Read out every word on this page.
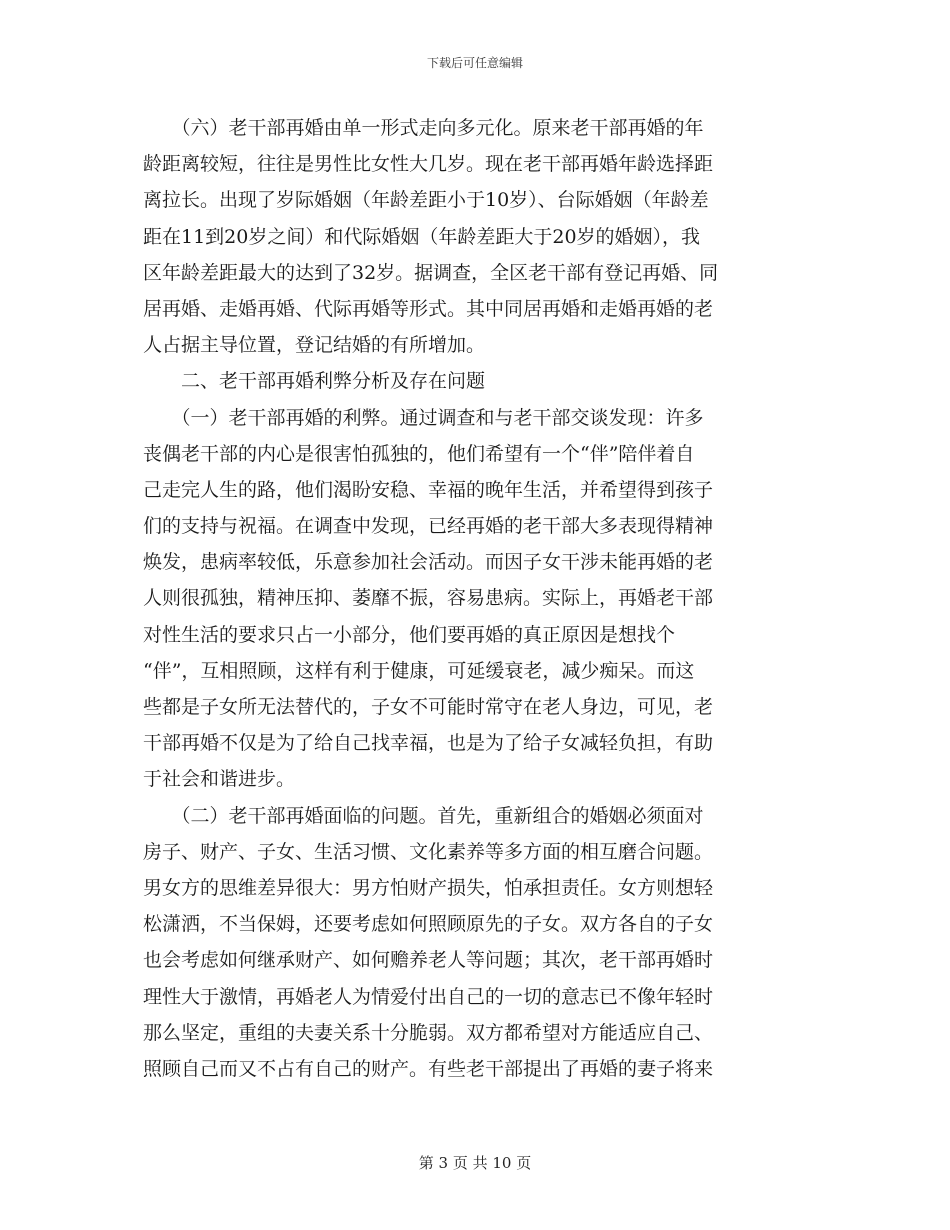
下载后可任意编辑
　　（六）老干部再婚由单一形式走向多元化。原来老干部再婚的年
龄距离较短，往往是男性比女性大几岁。现在老干部再婚年龄选择距
离拉长。出现了岁际婚姻（年龄差距小于10岁）、台际婚姻（年龄差
距在11到20岁之间）和代际婚姻（年龄差距大于20岁的婚姻），我
区年龄差距最大的达到了32岁。据调查，全区老干部有登记再婚、同
居再婚、走婚再婚、代际再婚等形式。其中同居再婚和走婚再婚的老
人占据主导位置，登记结婚的有所增加。
　　二、老干部再婚利弊分析及存在问题
　　（一）老干部再婚的利弊。通过调查和与老干部交谈发现：许多
丧偶老干部的内心是很害怕孤独的，他们希望有一个“伴”陪伴着自
己走完人生的路，他们渴盼安稳、幸福的晚年生活，并希望得到孩子
们的支持与祝福。在调查中发现，已经再婚的老干部大多表现得精神
焕发，患病率较低，乐意参加社会活动。而因子女干涉未能再婚的老
人则很孤独，精神压抑、萎靡不振，容易患病。实际上，再婚老干部
对性生活的要求只占一小部分，他们要再婚的真正原因是想找个
“伴”，互相照顾，这样有利于健康，可延缓衰老，减少痴呆。而这
些都是子女所无法替代的，子女不可能时常守在老人身边，可见，老
干部再婚不仅是为了给自己找幸福，也是为了给子女减轻负担，有助
于社会和谐进步。
　　（二）老干部再婚面临的问题。首先，重新组合的婚姻必须面对
房子、财产、子女、生活习惯、文化素养等多方面的相互磨合问题。
男女方的思维差异很大：男方怕财产损失，怕承担责任。女方则想轻
松潇洒，不当保姆，还要考虑如何照顾原先的子女。双方各自的子女
也会考虑如何继承财产、如何赡养老人等问题；其次，老干部再婚时
理性大于激情，再婚老人为情爱付出自己的一切的意志已不像年轻时
那么坚定，重组的夫妻关系十分脆弱。双方都希望对方能适应自己、
照顾自己而又不占有自己的财产。有些老干部提出了再婚的妻子将来
第 3 页 共 10 页
